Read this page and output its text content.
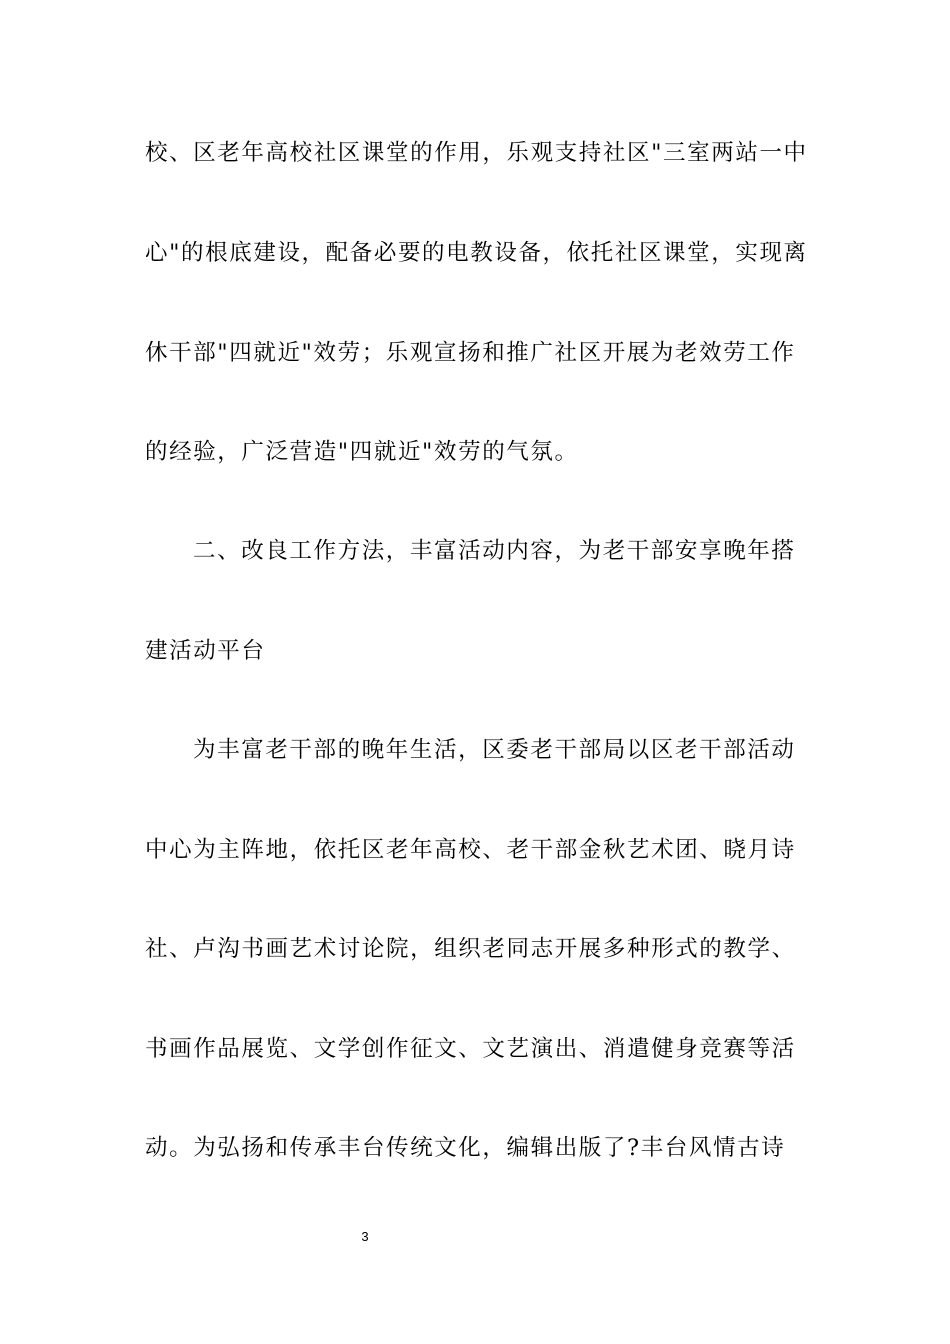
校、区老年高校社区课堂的作用，乐观支持社区"三室两站一中
心"的根底建设，配备必要的电教设备，依托社区课堂，实现离
休干部"四就近"效劳；乐观宣扬和推广社区开展为老效劳工作
的经验，广泛营造"四就近"效劳的气氛。
二、改良工作方法，丰富活动内容，为老干部安享晚年搭
建活动平台
为丰富老干部的晚年生活，区委老干部局以区老干部活动
中心为主阵地，依托区老年高校、老干部金秋艺术团、晓月诗
社、卢沟书画艺术讨论院，组织老同志开展多种形式的教学、
书画作品展览、文学创作征文、文艺演出、消遣健身竞赛等活
动。为弘扬和传承丰台传统文化，编辑出版了?丰台风情古诗
3
